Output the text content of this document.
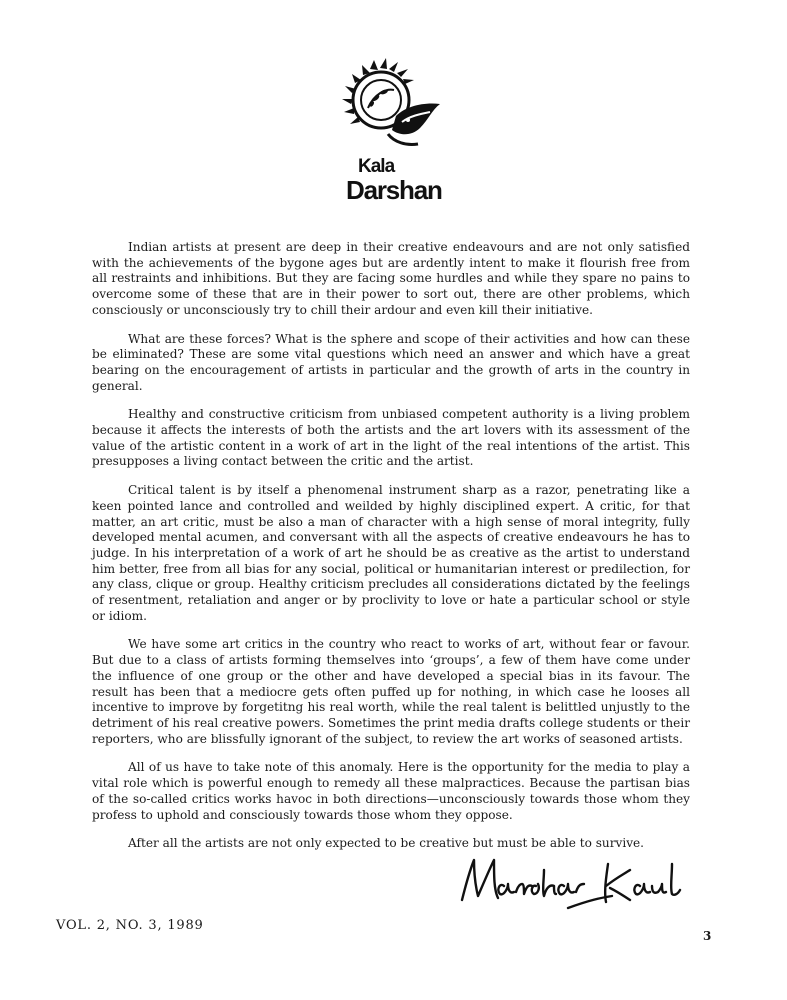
Kala
Darshan

Indian artists at present are deep in their creative endeavours and are not only satisfied with the achievements of the bygone ages but are ardently intent to make it flourish free from all restraints and inhibitions. But they are facing some hurdles and while they spare no pains to overcome some of these that are in their power to sort out, there are other problems, which consciously or unconsciously try to chill their ardour and even kill their initiative.

What are these forces? What is the sphere and scope of their activities and how can these be eliminated? These are some vital questions which need an answer and which have a great bearing on the encouragement of artists in particular and the growth of arts in the country in general.

Healthy and constructive criticism from unbiased competent authority is a living problem because it affects the interests of both the artists and the art lovers with its assessment of the value of the artistic content in a work of art in the light of the real intentions of the artist. This presupposes a living contact between the critic and the artist.

Critical talent is by itself a phenomenal instrument sharp as a razor, penetrating like a keen pointed lance and controlled and weilded by highly disciplined expert. A critic, for that matter, an art critic, must be also a man of character with a high sense of moral integrity, fully developed mental acumen, and conversant with all the aspects of creative endeavours he has to judge. In his interpretation of a work of art he should be as creative as the artist to understand him better, free from all bias for any social, political or humanitarian interest or predilection, for any class, clique or group. Healthy criticism precludes all considerations dictated by the feelings of resentment, retaliation and anger or by proclivity to love or hate a particular school or style or idiom.

We have some art critics in the country who react to works of art, without fear or favour. But due to a class of artists forming themselves into ‘groups’, a few of them have come under the influence of one group or the other and have developed a special bias in its favour. The result has been that a mediocre gets often puffed up for nothing, in which case he looses all incentive to improve by forgetitng his real worth, while the real talent is belittled unjustly to the detriment of his real creative powers. Sometimes the print media drafts college students or their reporters, who are blissfully ignorant of the subject, to review the art works of seasoned artists.

All of us have to take note of this anomaly. Here is the opportunity for the media to play a vital role which is powerful enough to remedy all these malpractices. Because the partisan bias of the so-called critics works havoc in both directions—unconsciously towards those whom they profess to uphold and consciously towards those whom they oppose.

After all the artists are not only expected to be creative but must be able to survive.

VOL. 2, NO. 3, 1989
3
